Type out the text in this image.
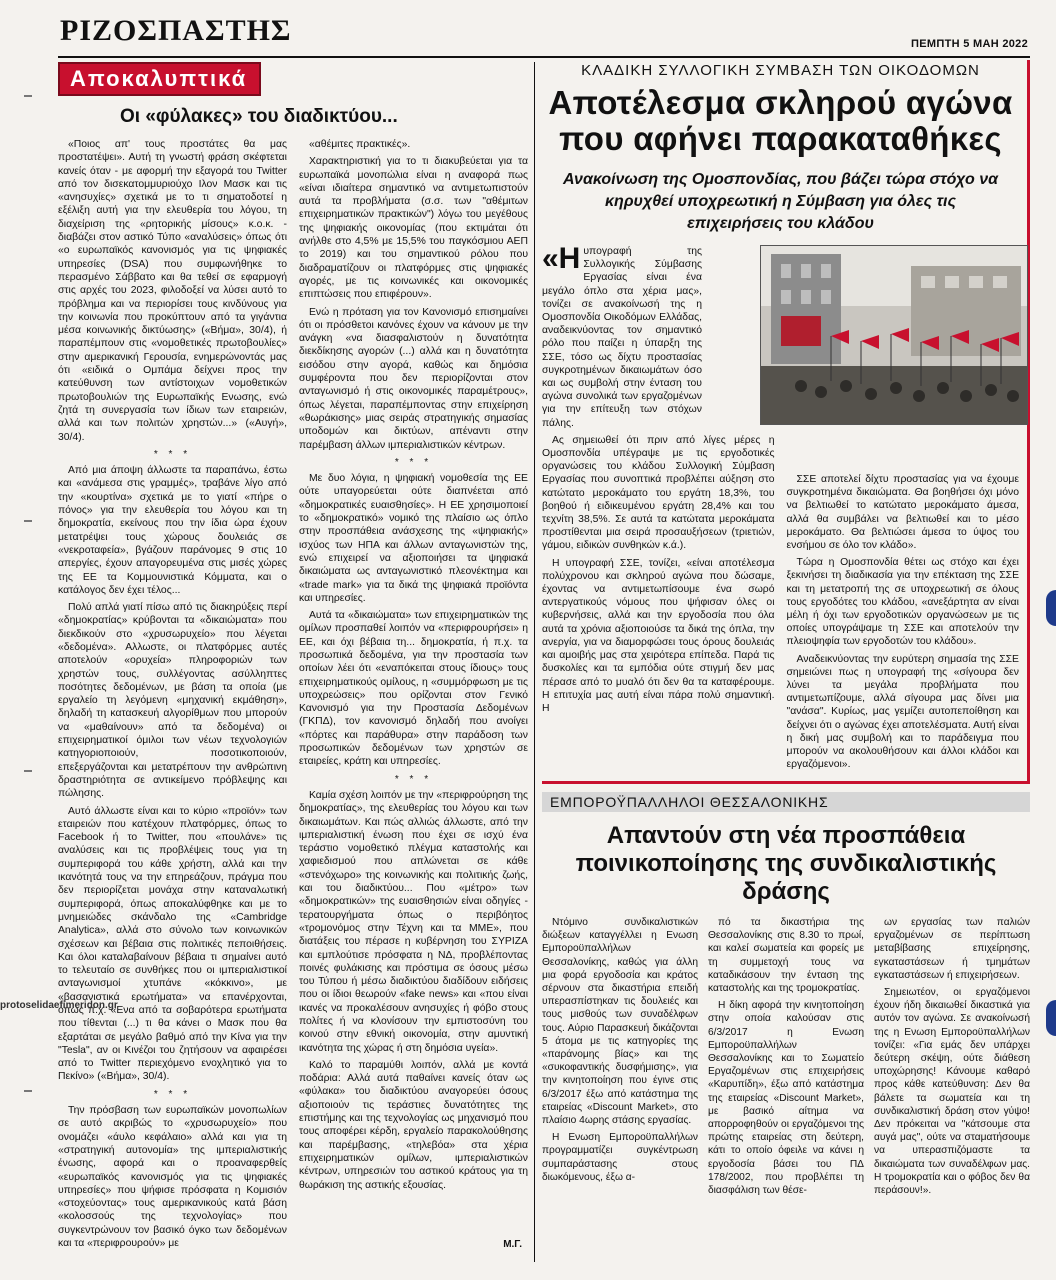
ΡΙΖΟΣΠΑΣΤΗΣ	ΠΕΜΠΤΗ 5 ΜΑΗ 2022
Αποκαλυπτικά
Οι «φύλακες» του διαδικτύου...

«Ποιος απ' τους προστάτες θα μας προστατέψει». Αυτή τη γνωστή φράση σκέφτεται κανείς όταν - με αφορμή την εξαγορά του Twitter από τον δισεκατομμυριούχο Ιλον Μασκ και τις «ανησυχίες» σχετικά με το τι σηματοδοτεί η εξέλιξη αυτή για την ελευθερία του λόγου, τη διαχείριση της «ρητορικής μίσους» κ.ο.κ. - διαβάζει στον αστικό Τύπο «αναλύσεις» όπως ότι «ο ευρωπαϊκός κανονισμός για τις ψηφιακές υπηρεσίες (DSA) που συμφωνήθηκε το περασμένο Σάββατο και θα τεθεί σε εφαρμογή στις αρχές του 2023, φιλοδοξεί να λύσει αυτό το πρόβλημα και να περιορίσει τους κινδύνους για την κοινωνία που προκύπτουν από τα γιγάντια μέσα κοινωνικής δικτύωσης» («Βήμα», 30/4), ή παραπέμπουν στις «νομοθετικές πρωτοβουλίες» στην αμερικανική Γερουσία, ενημερώνοντάς μας ότι «ειδικά ο Ομπάμα δείχνει προς την κατεύθυνση των αντίστοιχων νομοθετικών πρωτοβουλιών της Ευρωπαϊκής Ενωσης, ενώ ζητά τη συνεργασία των ίδιων των εταιρειών, αλλά και των πολιτών χρηστών...» («Αυγή», 30/4).

* * *

Από μια άποψη άλλωστε τα παραπάνω, έστω και «ανάμεσα στις γραμμές», τραβάνε λίγο από την «κουρτίνα» σχετικά με το γιατί «πήρε ο πόνος» για την ελευθερία του λόγου και τη δημοκρατία, εκείνους που την ίδια ώρα έχουν μετατρέψει τους χώρους δουλειάς σε «νεκροταφεία», βγάζουν παράνομες 9 στις 10 απεργίες, έχουν απαγορευμένα στις μισές χώρες της ΕΕ τα Κομμουνιστικά Κόμματα, και ο κατάλογος δεν έχει τέλος...

Πολύ απλά γιατί πίσω από τις διακηρύξεις περί «δημοκρατίας» κρύβονται τα «δικαιώματα» που διεκδικούν στο «χρυσωρυχείο» που λέγεται «δεδομένα». Αλλωστε, οι πλατφόρμες αυτές αποτελούν «ορυχεία» πληροφοριών των χρηστών τους, συλλέγοντας ασύλληπτες ποσότητες δεδομένων, με βάση τα οποία (με εργαλείο τη λεγόμενη «μηχανική εκμάθηση», δηλαδή τη κατασκευή αλγορίθμων που μπορούν να «μαθαίνουν» από τα δεδομένα) οι επιχειρηματικοί όμιλοι των νέων τεχνολογιών κατηγοριοποιούν, ποσοτικοποιούν, επεξεργάζονται και μετατρέπουν την ανθρώπινη δραστηριότητα σε αντικείμενο πρόβλεψης και πώλησης.

Αυτό άλλωστε είναι και το κύριο «προϊόν» των εταιρειών που κατέχουν πλατφόρμες, όπως το Facebook ή το Twitter, που «πουλάνε» τις αναλύσεις και τις προβλέψεις τους για τη συμπεριφορά του κάθε χρήστη, αλλά και την ικανότητά τους να την επηρεάζουν, πράγμα που δεν περιορίζεται μονάχα στην καταναλωτική συμπεριφορά, όπως αποκαλύφθηκε και με το μνημειώδες σκάνδαλο της «Cambridge Analytica», αλλά στο σύνολο των κοινωνικών σχέσεων και βέβαια στις πολιτικές πεποιθήσεις. Και όλοι καταλαβαίνουν βέβαια τι σημαίνει αυτό το τελευταίο σε συνθήκες που οι ιμπεριαλιστικοί ανταγωνισμοί χτυπάνε «κόκκινο», με «βασανιστικά ερωτήματα» να επανέρχονται, όπως π.χ. «Ενα από τα σοβαρότερα ερωτήματα που τίθενται (...) τι θα κάνει ο Μασκ που θα εξαρτάται σε μεγάλο βαθμό από την Κίνα για την "Tesla", αν οι Κινέζοι του ζητήσουν να αφαιρέσει από το Twitter περιεχόμενο ενοχλητικό για το Πεκίνο» («Βήμα», 30/4).

* * *

Την πρόσβαση των ευρωπαϊκών μονοπωλίων σε αυτό ακριβώς το «χρυσωρυχείο» που ονομάζει «άυλο κεφάλαιο» αλλά και για τη «στρατηγική αυτονομία» της ιμπεριαλιστικής ένωσης, αφορά και ο προαναφερθείς «ευρωπαϊκός κανονισμός για τις ψηφιακές υπηρεσίες» που ψήφισε πρόσφατα η Κομισιόν «στοχεύοντας» τους αμερικανικούς κατά βάση «κολοσσούς της τεχνολογίας» που συγκεντρώνουν τον βασικό όγκο των δεδομένων και τα «περιφρουρούν» με

«αθέμιτες πρακτικές».

Χαρακτηριστική για το τι διακυβεύεται για τα ευρωπαϊκά μονοπώλια είναι η αναφορά πως «είναι ιδιαίτερα σημαντικό να αντιμετωπιστούν αυτά τα προβλήματα (σ.σ. των "αθέμιτων επιχειρηματικών πρακτικών") λόγω του μεγέθους της ψηφιακής οικονομίας (που εκτιμάται ότι ανήλθε στο 4,5% με 15,5% του παγκόσμιου ΑΕΠ το 2019) και του σημαντικού ρόλου που διαδραματίζουν οι πλατφόρμες στις ψηφιακές αγορές, με τις κοινωνικές και οικονομικές επιπτώσεις που επιφέρουν».

Ενώ η πρόταση για τον Κανονισμό επισημαίνει ότι οι πρόσθετοι κανόνες έχουν να κάνουν με την ανάγκη «να διασφαλιστούν η δυνατότητα διεκδίκησης αγορών (...) αλλά και η δυνατότητα εισόδου στην αγορά, καθώς και δημόσια συμφέροντα που δεν περιορίζονται στον ανταγωνισμό ή στις οικονομικές παραμέτρους», όπως λέγεται, παραπέμποντας στην επιχείρηση «θωράκισης» μιας σειράς στρατηγικής σημασίας υποδομών και δικτύων, απέναντι στην παρέμβαση άλλων ιμπεριαλιστικών κέντρων.

* * *

Με δυο λόγια, η ψηφιακή νομοθεσία της ΕΕ ούτε υπαγορεύεται ούτε διαπνέεται από «δημοκρατικές ευαισθησίες». Η ΕΕ χρησιμοποιεί το «δημοκρατικό» νομικό της πλαίσιο ως όπλο στην προσπάθεια ανάσχεσης της «ψηφιακής» ισχύος των ΗΠΑ και άλλων ανταγωνιστών της, ενώ επιχειρεί να αξιοποιήσει τα ψηφιακά δικαιώματα ως ανταγωνιστικό πλεονέκτημα και «trade mark» για τα δικά της ψηφιακά προϊόντα και υπηρεσίες.

Αυτά τα «δικαιώματα» των επιχειρηματικών της ομίλων προσπαθεί λοιπόν να «περιφρουρήσει» η ΕΕ, και όχι βέβαια τη... δημοκρατία, ή π.χ. τα προσωπικά δεδομένα, για την προστασία των οποίων λέει ότι «εναπόκειται στους ίδιους» τους επιχειρηματικούς ομίλους, η «συμμόρφωση με τις υποχρεώσεις» που ορίζονται στον Γενικό Κανονισμό για την Προστασία Δεδομένων (ΓΚΠΔ), τον κανονισμό δηλαδή που ανοίγει «πόρτες και παράθυρα» στην παράδοση των προσωπικών δεδομένων των χρηστών σε εταιρείες, κράτη και υπηρεσίες.

* * *

Καμία σχέση λοιπόν με την «περιφρούρηση της δημοκρατίας», της ελευθερίας του λόγου και των δικαιωμάτων. Και πώς αλλιώς άλλωστε, από την ιμπεριαλιστική ένωση που έχει σε ισχύ ένα τεράστιο νομοθετικό πλέγμα καταστολής και χαφιεδισμού που απλώνεται σε κάθε «στενόχωρο» της κοινωνικής και πολιτικής ζωής, και του διαδικτύου... Που «μέτρο» των «δημοκρατικών» της ευαισθησιών είναι οδηγίες - τερατουργήματα όπως ο περιβόητος «τρομονόμος στην Τέχνη και τα ΜΜΕ», που διατάξεις του πέρασε η κυβέρνηση του ΣΥΡΙΖΑ και εμπλούτισε πρόσφατα η ΝΔ, προβλέποντας ποινές φυλάκισης και πρόστιμα σε όσους μέσω του Τύπου ή μέσω διαδικτύου διαδίδουν ειδήσεις που οι ίδιοι θεωρούν «fake news» και «που είναι ικανές να προκαλέσουν ανησυχίες ή φόβο στους πολίτες ή να κλονίσουν την εμπιστοσύνη του κοινού στην εθνική οικονομία, στην αμυντική ικανότητα της χώρας ή στη δημόσια υγεία».

Καλό το παραμύθι λοιπόν, αλλά με κοντά ποδάρια: Αλλά αυτά παθαίνει κανείς όταν ως «φύλακα» του διαδικτύου αναγορεύει όσους αξιοποιούν τις τεράστιες δυνατότητες της επιστήμης και της τεχνολογίας ως μηχανισμό που τους αποφέρει κέρδη, εργαλείο παρακολούθησης και παρέμβασης, «τηλεβόα» στα χέρια επιχειρηματικών ομίλων, ιμπεριαλιστικών κέντρων, υπηρεσιών του αστικού κράτους για τη θωράκιση της αστικής εξουσίας.

Μ.Γ.
ΚΛΑΔΙΚΗ ΣΥΛΛΟΓΙΚΗ ΣΥΜΒΑΣΗ ΤΩΝ ΟΙΚΟΔΟΜΩΝ
Αποτέλεσμα σκληρού αγώνα
που αφήνει παρακαταθήκες
Ανακοίνωση της Ομοσπονδίας, που βάζει τώρα στόχο να κηρυχθεί υποχρεωτική η Σύμβαση για όλες τις επιχειρήσεις του κλάδου

«Η υπογραφή της Συλλογικής Σύμβασης Εργασίας είναι ένα μεγάλο όπλο στα χέρια μας», τονίζει σε ανακοίνωσή της η Ομοσπονδία Οικοδόμων Ελλάδας, αναδεικνύοντας τον σημαντικό ρόλο που παίζει η ύπαρξη της ΣΣΕ, τόσο ως δίχτυ προστασίας συγκροτημένων δικαιωμάτων όσο και ως συμβολή στην ένταση του αγώνα συνολικά των εργαζομένων για την επίτευξη των στόχων πάλης.

Ας σημειωθεί ότι πριν από λίγες μέρες η Ομοσπονδία υπέγραψε με τις εργοδοτικές οργανώσεις του κλάδου Συλλογική Σύμβαση Εργασίας που συνοπτικά προβλέπει αύξηση στο κατώτατο μεροκάματο του εργάτη 18,3%, του βοηθού ή ειδικευμένου εργάτη 28,4% και του τεχνίτη 38,5%. Σε αυτά τα κατώτατα μεροκάματα προστίθενται μια σειρά προσαυξήσεων (τριετιών, γάμου, ειδικών συνθηκών κ.ά.).

Η υπογραφή ΣΣΕ, τονίζει, «είναι αποτέλεσμα πολύχρονου και σκληρού αγώνα που δώσαμε, έχοντας να αντιμετωπίσουμε ένα σωρό αντεργατικούς νόμους που ψήφισαν όλες οι κυβερνήσεις, αλλά και την εργοδοσία που όλα αυτά τα χρόνια αξιοποιούσε τα δικά της όπλα, την ανεργία, για να διαμορφώσει τους όρους δουλειάς και αμοιβής μας στα χειρότερα επίπεδα. Παρά τις δυσκολίες και τα εμπόδια ούτε στιγμή δεν μας πέρασε από το μυαλό ότι δεν θα τα καταφέρουμε. Η επιτυχία μας αυτή είναι πάρα πολύ σημαντική. Η

ΣΣΕ αποτελεί δίχτυ προστασίας για να έχουμε συγκροτημένα δικαιώματα. Θα βοηθήσει όχι μόνο να βελτιωθεί το κατώτατο μεροκάματο άμεσα, αλλά θα συμβάλει να βελτιωθεί και το μέσο μεροκάματο. Θα βελτιώσει άμεσα το ύψος του ενσήμου σε όλο τον κλάδο».

Τώρα η Ομοσπονδία θέτει ως στόχο και έχει ξεκινήσει τη διαδικασία για την επέκταση της ΣΣΕ και τη μετατροπή της σε υποχρεωτική σε όλους τους εργοδότες του κλάδου, «ανεξάρτητα αν είναι μέλη ή όχι των εργοδοτικών οργανώσεων με τις οποίες υπογράψαμε τη ΣΣΕ και αποτελούν την πλειοψηφία των εργοδοτών του κλάδου».

Αναδεικνύοντας την ευρύτερη σημασία της ΣΣΕ σημειώνει πως η υπογραφή της «σίγουρα δεν λύνει τα μεγάλα προβλήματα που αντιμετωπίζουμε, αλλά σίγουρα μας δίνει μια "ανάσα". Κυρίως, μας γεμίζει αυτοπεποίθηση και δείχνει ότι ο αγώνας έχει αποτελέσματα. Αυτή είναι η δική μας συμβολή και το παράδειγμα που μπορούν να ακολουθήσουν και άλλοι κλάδοι και εργαζόμενοι».

ΕΜΠΟΡΟΫΠΑΛΛΗΛΟΙ ΘΕΣΣΑΛΟΝΙΚΗΣ
Απαντούν στη νέα προσπάθεια
ποινικοποίησης της συνδικαλιστικής
δράσης

Ντόμινο συνδικαλιστικών διώξεων καταγγέλλει η Ενωση Εμποροϋπαλλήλων Θεσσαλονίκης, καθώς για άλλη μια φορά εργοδοσία και κράτος σέρνουν στα δικαστήρια επειδή υπερασπίστηκαν τις δουλειές και τους μισθούς των συναδέλφων τους. Αύριο Παρασκευή δικάζονται 5 άτομα με τις κατηγορίες της «παράνομης βίας» και της «συκοφαντικής δυσφήμισης», για την κινητοποίηση που έγινε στις 6/3/2017 έξω από κατάστημα της εταιρείας «Discount Market», στο πλαίσιο 4ωρης στάσης εργασίας.

Η Ενωση Εμποροϋπαλλήλων προγραμματίζει συγκέντρωση συμπαράστασης στους διωκόμενους, έξω α-

πό τα δικαστήρια της Θεσσαλονίκης στις 8.30 το πρωί, και καλεί σωματεία και φορείς με τη συμμετοχή τους να καταδικάσουν την ένταση της καταστολής και της τρομοκρατίας.

Η δίκη αφορά την κινητοποίηση στην οποία καλούσαν στις 6/3/2017 η Ενωση Εμποροϋπαλλήλων Θεσσαλονίκης και το Σωματείο Εργαζομένων στις επιχειρήσεις «Καρυπίδη», έξω από κατάστημα της εταιρείας «Discount Market», με βασικό αίτημα να απορροφηθούν οι εργαζόμενοι της πρώτης εταιρείας στη δεύτερη, κάτι το οποίο όφειλε να κάνει η εργοδοσία βάσει του ΠΔ 178/2002, που προβλέπει τη διασφάλιση των θέσε-

ων εργασίας των παλιών εργαζομένων σε περίπτωση μεταβίβασης επιχείρησης, εγκαταστάσεων ή τμημάτων εγκαταστάσεων ή επιχειρήσεων.

Σημειωτέον, οι εργαζόμενοι έχουν ήδη δικαιωθεί δικαστικά για αυτόν τον αγώνα. Σε ανακοίνωσή της η Ενωση Εμποροϋπαλλήλων τονίζει: «Για εμάς δεν υπάρχει δεύτερη σκέψη, ούτε διάθεση υποχώρησης! Κάνουμε καθαρό προς κάθε κατεύθυνση: Δεν θα βάλετε τα σωματεία και τη συνδικαλιστική δράση στον γύψο! Δεν πρόκειται να "κάτσουμε στα αυγά μας", ούτε να σταματήσουμε να υπερασπιζόμαστε τα δικαιώματα των συναδέλφων μας. Η τρομοκρατία και ο φόβος δεν θα περάσουν!».

protoselidaefimeridon.gr
